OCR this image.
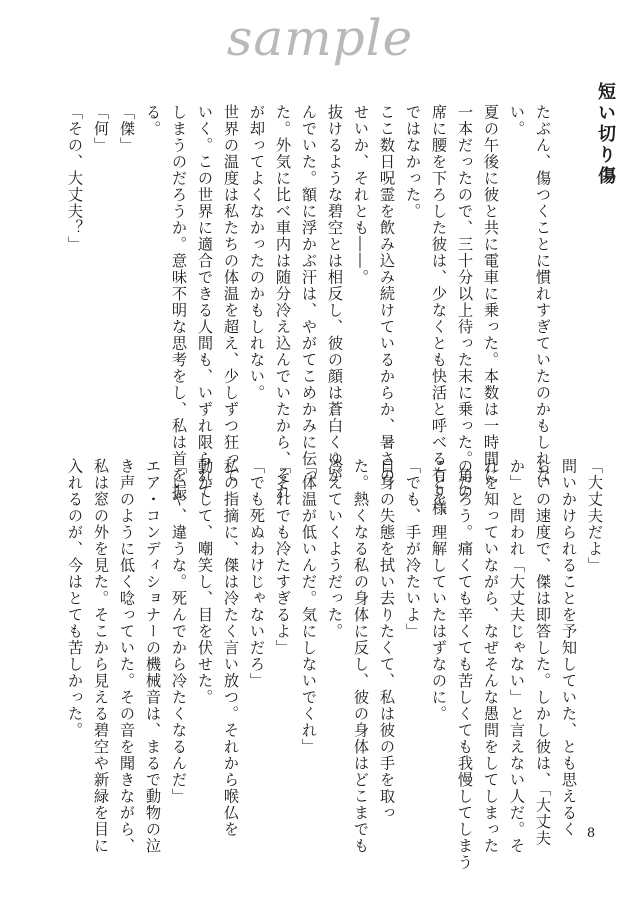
sample
短い切り傷
たぶん、傷つくことに慣れすぎていたのかもしれな
い。
夏の午後に彼と共に電車に乗った。本数は一時間に
一本だったので、三十分以上待った末に乗った。角の
席に腰を下ろした彼は、少なくとも快活と呼べる有り様
ではなかった。
ここ数日呪霊を飲み込み続けているからか、暑さの
せいか、それとも――。
抜けるような碧空とは相反し、彼の顔は蒼白くゆが
んでいた。額に浮かぶ汗は、やがてこめかみに伝っ
た。外気に比べ車内は随分冷え込んでいたから、それ
が却ってよくなかったのかもしれない。
世界の温度は私たちの体温を超え、少しずつ狂って
いく。この世界に適合できる人間も、いずれ限られて
しまうのだろうか。意味不明な思考をし、私は首を振
る。
「傑」
「何」
「その、大丈夫？」
「大丈夫だよ」
問いかけられることを予知していた、とも思えるく
らいの速度で、傑は即答した。しかし彼は、「大丈夫
か」と問われ「大丈夫じゃない」と言えない人だ。そ
れを知っていながら、なぜそんな愚問をしてしまった
のだろう。痛くても辛くても苦しくても我慢してしまう
ことを、理解していたはずなのに。
「でも、手が冷たいよ」
自身の失態を拭い去りたくて、私は彼の手を取っ
た。熱くなる私の身体に反し、彼の身体はどこまでも
冷えていくようだった。
「体温が低いんだ。気にしないでくれ」
「それでも冷たすぎるよ」
「でも死ぬわけじゃないだろ」
私の指摘に、傑は冷たく言い放つ。それから喉仏を
動かして、嘲笑し、目を伏せた。
「いや、違うな。死んでから冷たくなるんだ」
エア・コンディショナーの機械音は、まるで動物の泣
き声のように低く唸っていた。その音を聞きながら、
私は窓の外を見た。そこから見える碧空や新緑を目に
入れるのが、今はとても苦しかった。
8
